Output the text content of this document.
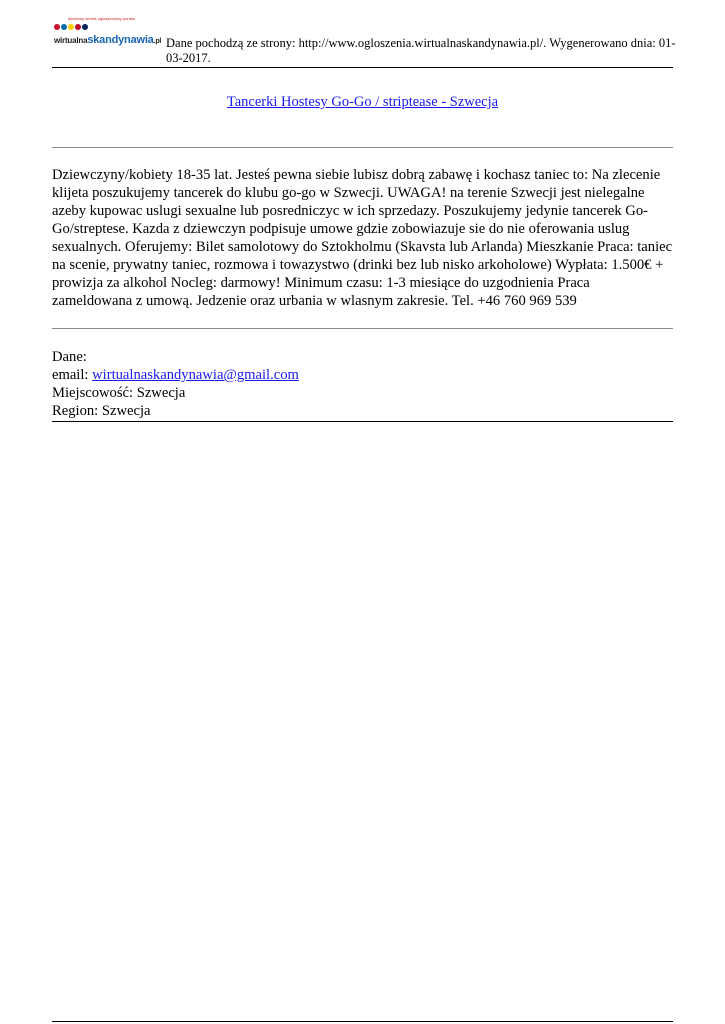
darmowy serwis ogłoszeniowy portalu
wirtualnaskandynawia.pl Dane pochodzą ze strony: http://www.ogloszenia.wirtualnaskandynawia.pl/. Wygenerowano dnia: 01-03-2017.
Tancerki Hostesy Go-Go / striptease - Szwecja

Dziewczyny/kobiety 18-35 lat. Jesteś pewna siebie lubisz dobrą zabawę i kochasz taniec to: Na zlecenie klijeta poszukujemy tancerek do klubu go-go w Szwecji. UWAGA! na terenie Szwecji jest nielegalne azeby kupowac uslugi sexualne lub posredniczyc w ich sprzedazy. Poszukujemy jedynie tancerek Go-Go/streptese. Kazda z dziewczyn podpisuje umowe gdzie zobowiazuje sie do nie oferowania uslug sexualnych. Oferujemy: Bilet samolotowy do Sztokholmu (Skavsta lub Arlanda) Mieszkanie Praca: taniec na scenie, prywatny taniec, rozmowa i towazystwo (drinki bez lub nisko arkoholowe) Wypłata: 1.500€ + prowizja za alkohol Nocleg: darmowy! Minimum czasu: 1-3 miesiące do uzgodnienia Praca zameldowana z umową. Jedzenie oraz urbania w wlasnym zakresie. Tel. +46 760 969 539

Dane:
email: wirtualnaskandynawia@gmail.com
Miejscowość: Szwecja
Region: Szwecja
